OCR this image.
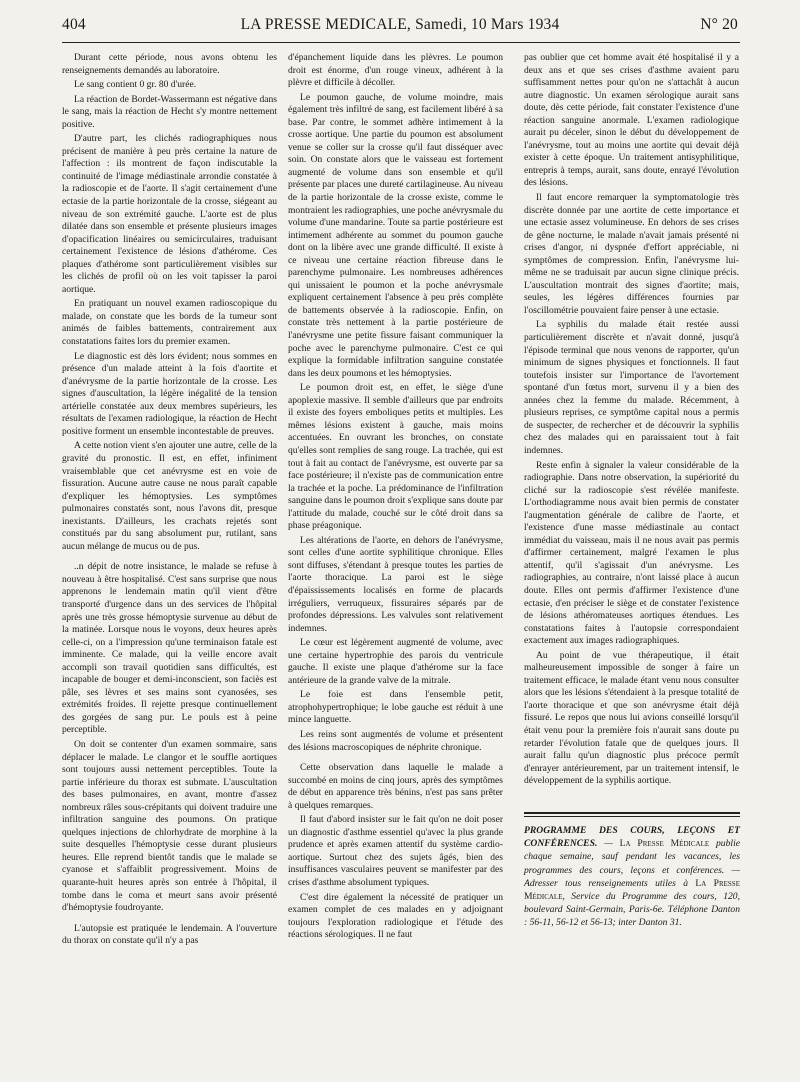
404	LA PRESSE MEDICALE, Samedi, 10 Mars 1934	N° 20

Durant cette période, nous avons obtenu les renseignements demandés au laboratoire.

Le sang contient 0 gr. 80 d'urée.

La réaction de Bordet-Wassermann est négative dans le sang, mais la réaction de Hecht s'y montre nettement positive.

D'autre part, les clichés radiographiques nous précisent de manière à peu près certaine la nature de l'affection : ils montrent de façon indiscutable la continuité de l'image médiastinale arrondie constatée à la radioscopie et de l'aorte. Il s'agit certainement d'une ectasie de la partie horizontale de la crosse, siégeant au niveau de son extrémité gauche. L'aorte est de plus dilatée dans son ensemble et présente plusieurs images d'opacification linéaires ou semicirculaires, traduisant certainement l'existence de lésions d'athérome. Ces plaques d'athérome sont particulièrement visibles sur les clichés de profil où on les voit tapisser la paroi aortique.

En pratiquant un nouvel examen radioscopique du malade, on constate que les bords de la tumeur sont animés de faibles battements, contrairement aux constatations faites lors du premier examen.

Le diagnostic est dès lors évident; nous sommes en présence d'un malade atteint à la fois d'aortite et d'anévrysme de la partie horizontale de la crosse. Les signes d'auscultation, la légère inégalité de la tension artérielle constatée aux deux membres supérieurs, les résultats de l'examen radiologique, la réaction de Hecht positive forment un ensemble incontestable de preuves.

A cette notion vient s'en ajouter une autre, celle de la gravité du pronostic. Il est, en effet, infiniment vraisemblable que cet anévrysme est en voie de fissuration. Aucune autre cause ne nous paraît capable d'expliquer les hémoptysies. Les symptômes pulmonaires constatés sont, nous l'avons dit, presque inexistants. D'ailleurs, les crachats rejetés sont constitués par du sang absolument pur, rutilant, sans aucun mélange de mucus ou de pus.

..n dépit de notre insistance, le malade se refuse à nouveau à être hospitalisé. C'est sans surprise que nous apprenons le lendemain matin qu'il vient d'être transporté d'urgence dans un des services de l'hôpital après une très grosse hémoptysie survenue au début de la matinée. Lorsque nous le voyons, deux heures après celle-ci, on a l'impression qu'une terminaison fatale est imminente. Ce malade, qui la veille encore avait accompli son travail quotidien sans difficultés, est incapable de bouger et demi-inconscient, son faciès est pâle, ses lèvres et ses mains sont cyanosées, ses extrémités froides. Il rejette presque continuellement des gorgées de sang pur. Le pouls est à peine perceptible.

On doit se contenter d'un examen sommaire, sans déplacer le malade. Le clangor et le souffle aortiques sont toujours aussi nettement perceptibles. Toute la partie inférieure du thorax est submate. L'auscultation des bases pulmonaires, en avant, montre d'assez nombreux râles sous-crépitants qui doivent traduire une infiltration sanguine des poumons. On pratique quelques injections de chlorhydrate de morphine à la suite desquelles l'hémoptysie cesse durant plusieurs heures. Elle reprend bientôt tandis que le malade se cyanose et s'affaiblit progressivement. Moins de quarante-huit heures après son entrée à l'hôpital, il tombe dans le coma et meurt sans avoir présenté d'hémoptysie foudroyante.

L'autopsie est pratiquée le lendemain. A l'ouverture du thorax on constate qu'il n'y a pas

d'épanchement liquide dans les plèvres. Le poumon droit est énorme, d'un rouge vineux, adhérent à la plèvre et difficile à décoller.

Le poumon gauche, de volume moindre, mais également très infiltré de sang, est facilement libéré à sa base. Par contre, le sommet adhère intimement à la crosse aortique. Une partie du poumon est absolument venue se coller sur la crosse qu'il faut disséquer avec soin. On constate alors que le vaisseau est fortement augmenté de volume dans son ensemble et qu'il présente par places une dureté cartilagineuse. Au niveau de la partie horizontale de la crosse existe, comme le montraient les radiographies, une poche anévrysmale du volume d'une mandarine. Toute sa partie postérieure est intimement adhérente au sommet du poumon gauche dont on la libère avec une grande difficulté. Il existe à ce niveau une certaine réaction fibreuse dans le parenchyme pulmonaire. Les nombreuses adhérences qui unissaient le poumon et la poche anévrysmale expliquent certainement l'absence à peu près complète de battements observée à la radioscopie. Enfin, on constate très nettement à la partie postérieure de l'anévrysme une petite fissure faisant communiquer la poche avec le parenchyme pulmonaire. C'est ce qui explique la formidable infiltration sanguine constatée dans les deux poumons et les hémoptysies.

Le poumon droit est, en effet, le siège d'une apoplexie massive. Il semble d'ailleurs que par endroits il existe des foyers emboliques petits et multiples. Les mêmes lésions existent à gauche, mais moins accentuées. En ouvrant les bronches, on constate qu'elles sont remplies de sang rouge. La trachée, qui est tout à fait au contact de l'anévrysme, est ouverte par sa face postérieure; il n'existe pas de communication entre la trachée et la poche. La prédominance de l'infiltration sanguine dans le poumon droit s'explique sans doute par l'attitude du malade, couché sur le côté droit dans sa phase préagonique.

Les altérations de l'aorte, en dehors de l'anévrysme, sont celles d'une aortite syphilitique chronique. Elles sont diffuses, s'étendant à presque toutes les parties de l'aorte thoracique. La paroi est le siège d'épaississements localisés en forme de placards irréguliers, verruqueux, fissuraires séparés par de profondes dépressions. Les valvules sont relativement indemnes.

Le cœur est légèrement augmenté de volume, avec une certaine hypertrophie des parois du ventricule gauche. Il existe une plaque d'athérome sur la face antérieure de la grande valve de la mitrale.

Le foie est dans l'ensemble petit, atrophohypertrophique; le lobe gauche est réduit à une mince languette.

Les reins sont augmentés de volume et présentent des lésions macroscopiques de néphrite chronique.

Cette observation dans laquelle le malade a succombé en moins de cinq jours, après des symptômes de début en apparence très bénins, n'est pas sans prêter à quelques remarques.

Il faut d'abord insister sur le fait qu'on ne doit poser un diagnostic d'asthme essentiel qu'avec la plus grande prudence et après examen attentif du système cardio-aortique. Surtout chez des sujets âgés, bien des insuffisances vasculaires peuvent se manifester par des crises d'asthme absolument typiques.

C'est dire également la nécessité de pratiquer un examen complet de ces malades en y adjoignant toujours l'exploration radiologique et l'étude des réactions sérologiques. Il ne faut

pas oublier que cet homme avait été hospitalisé il y a deux ans et que ses crises d'asthme avaient paru suffisamment nettes pour qu'on ne s'attachât à aucun autre diagnostic. Un examen sérologique aurait sans doute, dès cette période, fait constater l'existence d'une réaction sanguine anormale. L'examen radiologique aurait pu déceler, sinon le début du développement de l'anévrysme, tout au moins une aortite qui devait déjà exister à cette époque. Un traitement antisyphilitique, entrepris à temps, aurait, sans doute, enrayé l'évolution des lésions.

Il faut encore remarquer la symptomatologie très discrète donnée par une aortite de cette importance et une ectasie assez volumineuse. En dehors de ses crises de gêne nocturne, le malade n'avait jamais présenté ni crises d'angor, ni dyspnée d'effort appréciable, ni symptômes de compression. Enfin, l'anévrysme lui-même ne se traduisait par aucun signe clinique précis. L'auscultation montrait des signes d'aortite; mais, seules, les légères différences fournies par l'oscillométrie pouvaient faire penser à une ectasie.

La syphilis du malade était restée aussi particulièrement discrète et n'avait donné, jusqu'à l'épisode terminal que nous venons de rapporter, qu'un minimum de signes physiques et fonctionnels. Il faut toutefois insister sur l'importance de l'avortement spontané d'un fœtus mort, survenu il y a bien des années chez la femme du malade. Récemment, à plusieurs reprises, ce symptôme capital nous a permis de suspecter, de rechercher et de découvrir la syphilis chez des malades qui en paraissaient tout à fait indemnes.

Reste enfin à signaler la valeur considérable de la radiographie. Dans notre observation, la supériorité du cliché sur la radioscopie s'est révélée manifeste. L'orthodiagramme nous avait bien permis de constater l'augmentation générale de calibre de l'aorte, et l'existence d'une masse médiastinale au contact immédiat du vaisseau, mais il ne nous avait pas permis d'affirmer certainement, malgré l'examen le plus attentif, qu'il s'agissait d'un anévrysme. Les radiographies, au contraire, n'ont laissé place à aucun doute. Elles ont permis d'affirmer l'existence d'une ectasie, d'en préciser le siège et de constater l'existence de lésions athéromateuses aortiques étendues. Les constatations faites à l'autopsie correspondaient exactement aux images radiographiques.

Au point de vue thérapeutique, il était malheureusement impossible de songer à faire un traitement efficace, le malade étant venu nous consulter alors que les lésions s'étendaient à la presque totalité de l'aorte thoracique et que son anévrysme était déjà fissuré. Le repos que nous lui avions conseillé lorsqu'il était venu pour la première fois n'aurait sans doute pu retarder l'évolution fatale que de quelques jours. Il aurait fallu qu'un diagnostic plus précoce permît d'enrayer antérieurement, par un traitement intensif, le développement de la syphilis aortique.

PROGRAMME DES COURS, LEÇONS ET CONFÉRENCES. — La Presse Médicale publie chaque semaine, sauf pendant les vacances, les programmes des cours, leçons et conférences. — Adresser tous renseignements utiles à La Presse Médicale, Service du Programme des cours, 120, boulevard Saint-Germain, Paris-6e. Téléphone Danton : 56-11, 56-12 et 56-13; inter Danton 31.
